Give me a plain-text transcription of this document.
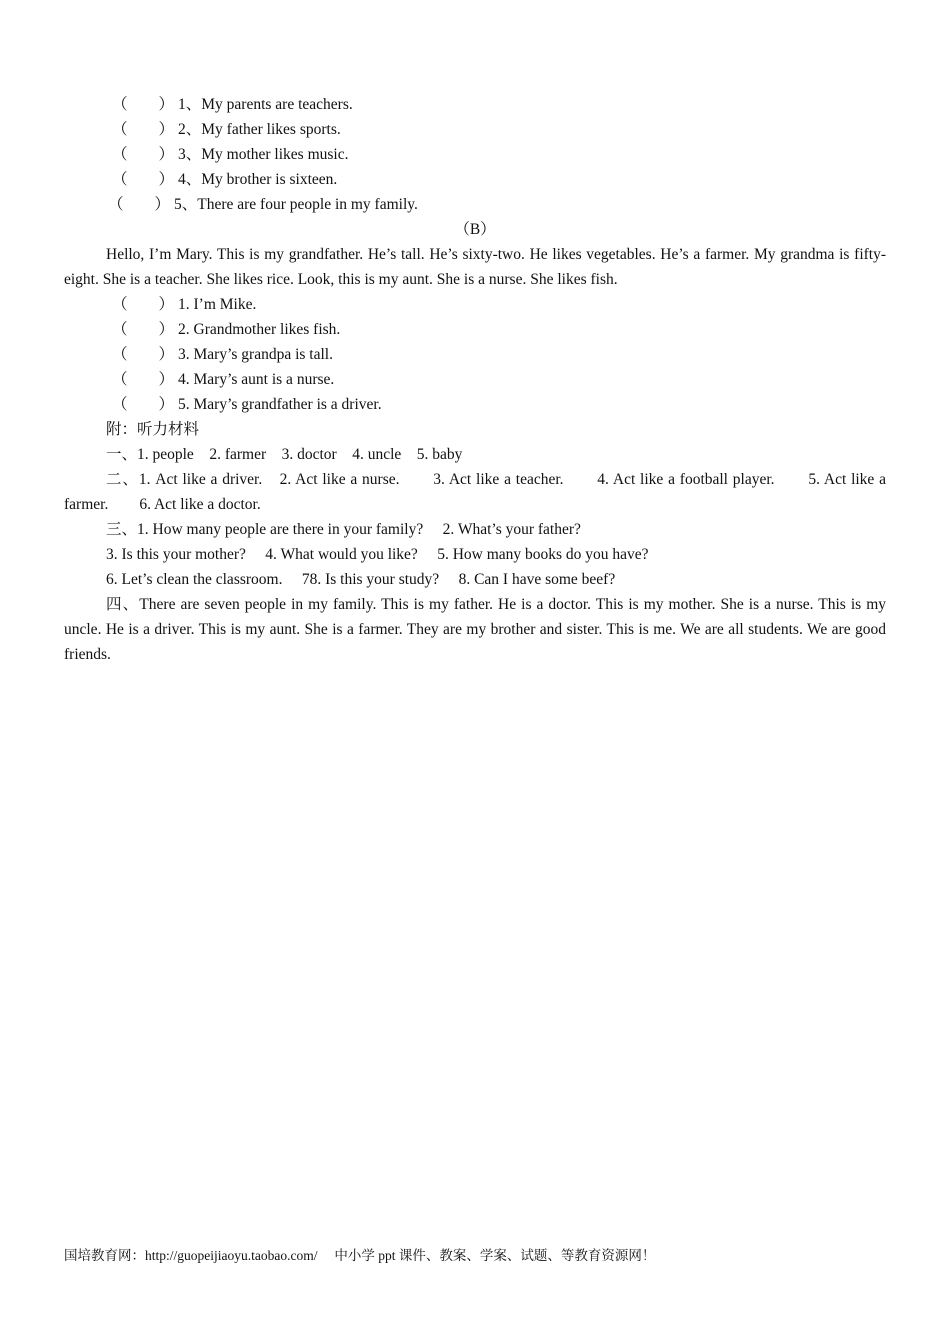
（　　） 1、My parents are teachers.
（　　） 2、My father likes sports.
（　　） 3、My mother likes music.
（　　） 4、My brother is sixteen.
（　　） 5、There are four people in my family.
（B）
Hello, I’m Mary. This is my grandfather. He’s tall. He’s sixty-two. He likes vegetables. He’s a farmer. My grandma is fifty-eight. She is a teacher. She likes rice. Look, this is my aunt. She is a nurse. She likes fish.
（　　） 1. I’m Mike.
（　　） 2. Grandmother likes fish.
（　　） 3. Mary’s grandpa is tall.
（　　） 4. Mary’s aunt is a nurse.
（　　） 5. Mary’s grandfather is a driver.
附：听力材料
一、1. people　2. farmer　3. doctor　4. uncle　5. baby
二、1. Act like a driver.　2. Act like a nurse.　　3. Act like a teacher.　　4. Act like a football player.　　5. Act like a farmer.　　6. Act like a doctor.
三、1. How many people are there in your family?　 2. What’s your father?
3. Is this your mother?　 4. What would you like?　 5. How many books do you have?
6. Let’s clean the classroom.　 78. Is this your study?　 8. Can I have some beef?
四、There are seven people in my family. This is my father. He is a doctor. This is my mother. She is a nurse. This is my uncle. He is a driver. This is my aunt. She is a farmer. They are my brother and sister. This is me. We are all students. We are good friends.
国培教育网：http://guopeijiaoyu.taobao.com/　 中小学 ppt 课件、教案、学案、试题、等教育资源网！
